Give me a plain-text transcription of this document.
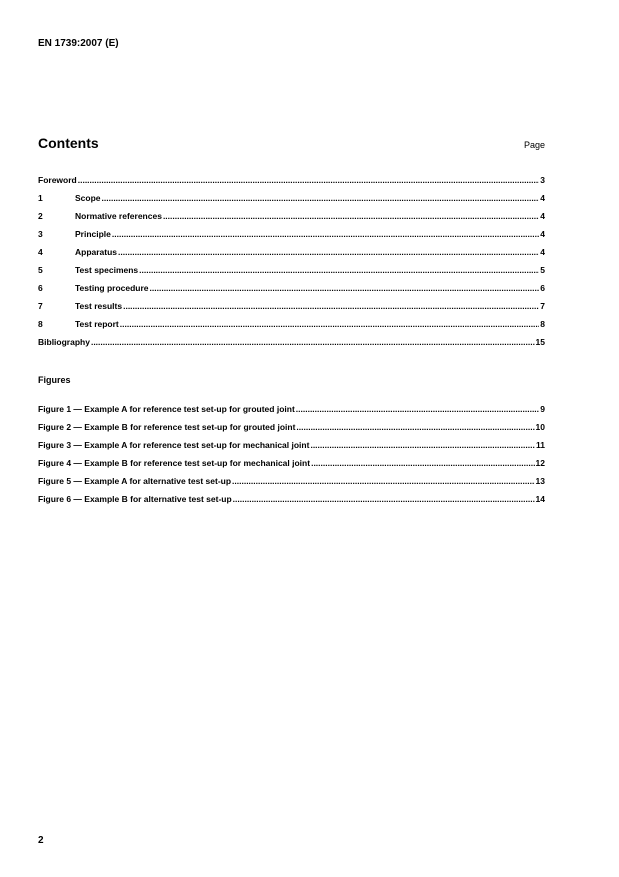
EN 1739:2007 (E)
Contents	Page
Foreword .....	3
1	Scope .....	4
2	Normative references .....	4
3	Principle .....	4
4	Apparatus .....	4
5	Test specimens .....	5
6	Testing procedure .....	6
7	Test results .....	7
8	Test report .....	8
Bibliography .....	15
Figures
Figure 1 — Example A for reference test set-up for grouted joint .....	9
Figure 2 — Example B for reference test set-up for grouted joint .....	10
Figure 3 — Example A for reference test set-up for mechanical joint .....	11
Figure 4 — Example B for reference test set-up for mechanical joint .....	12
Figure 5 — Example A for alternative test set-up .....	13
Figure 6 — Example B for alternative test set-up .....	14
2
